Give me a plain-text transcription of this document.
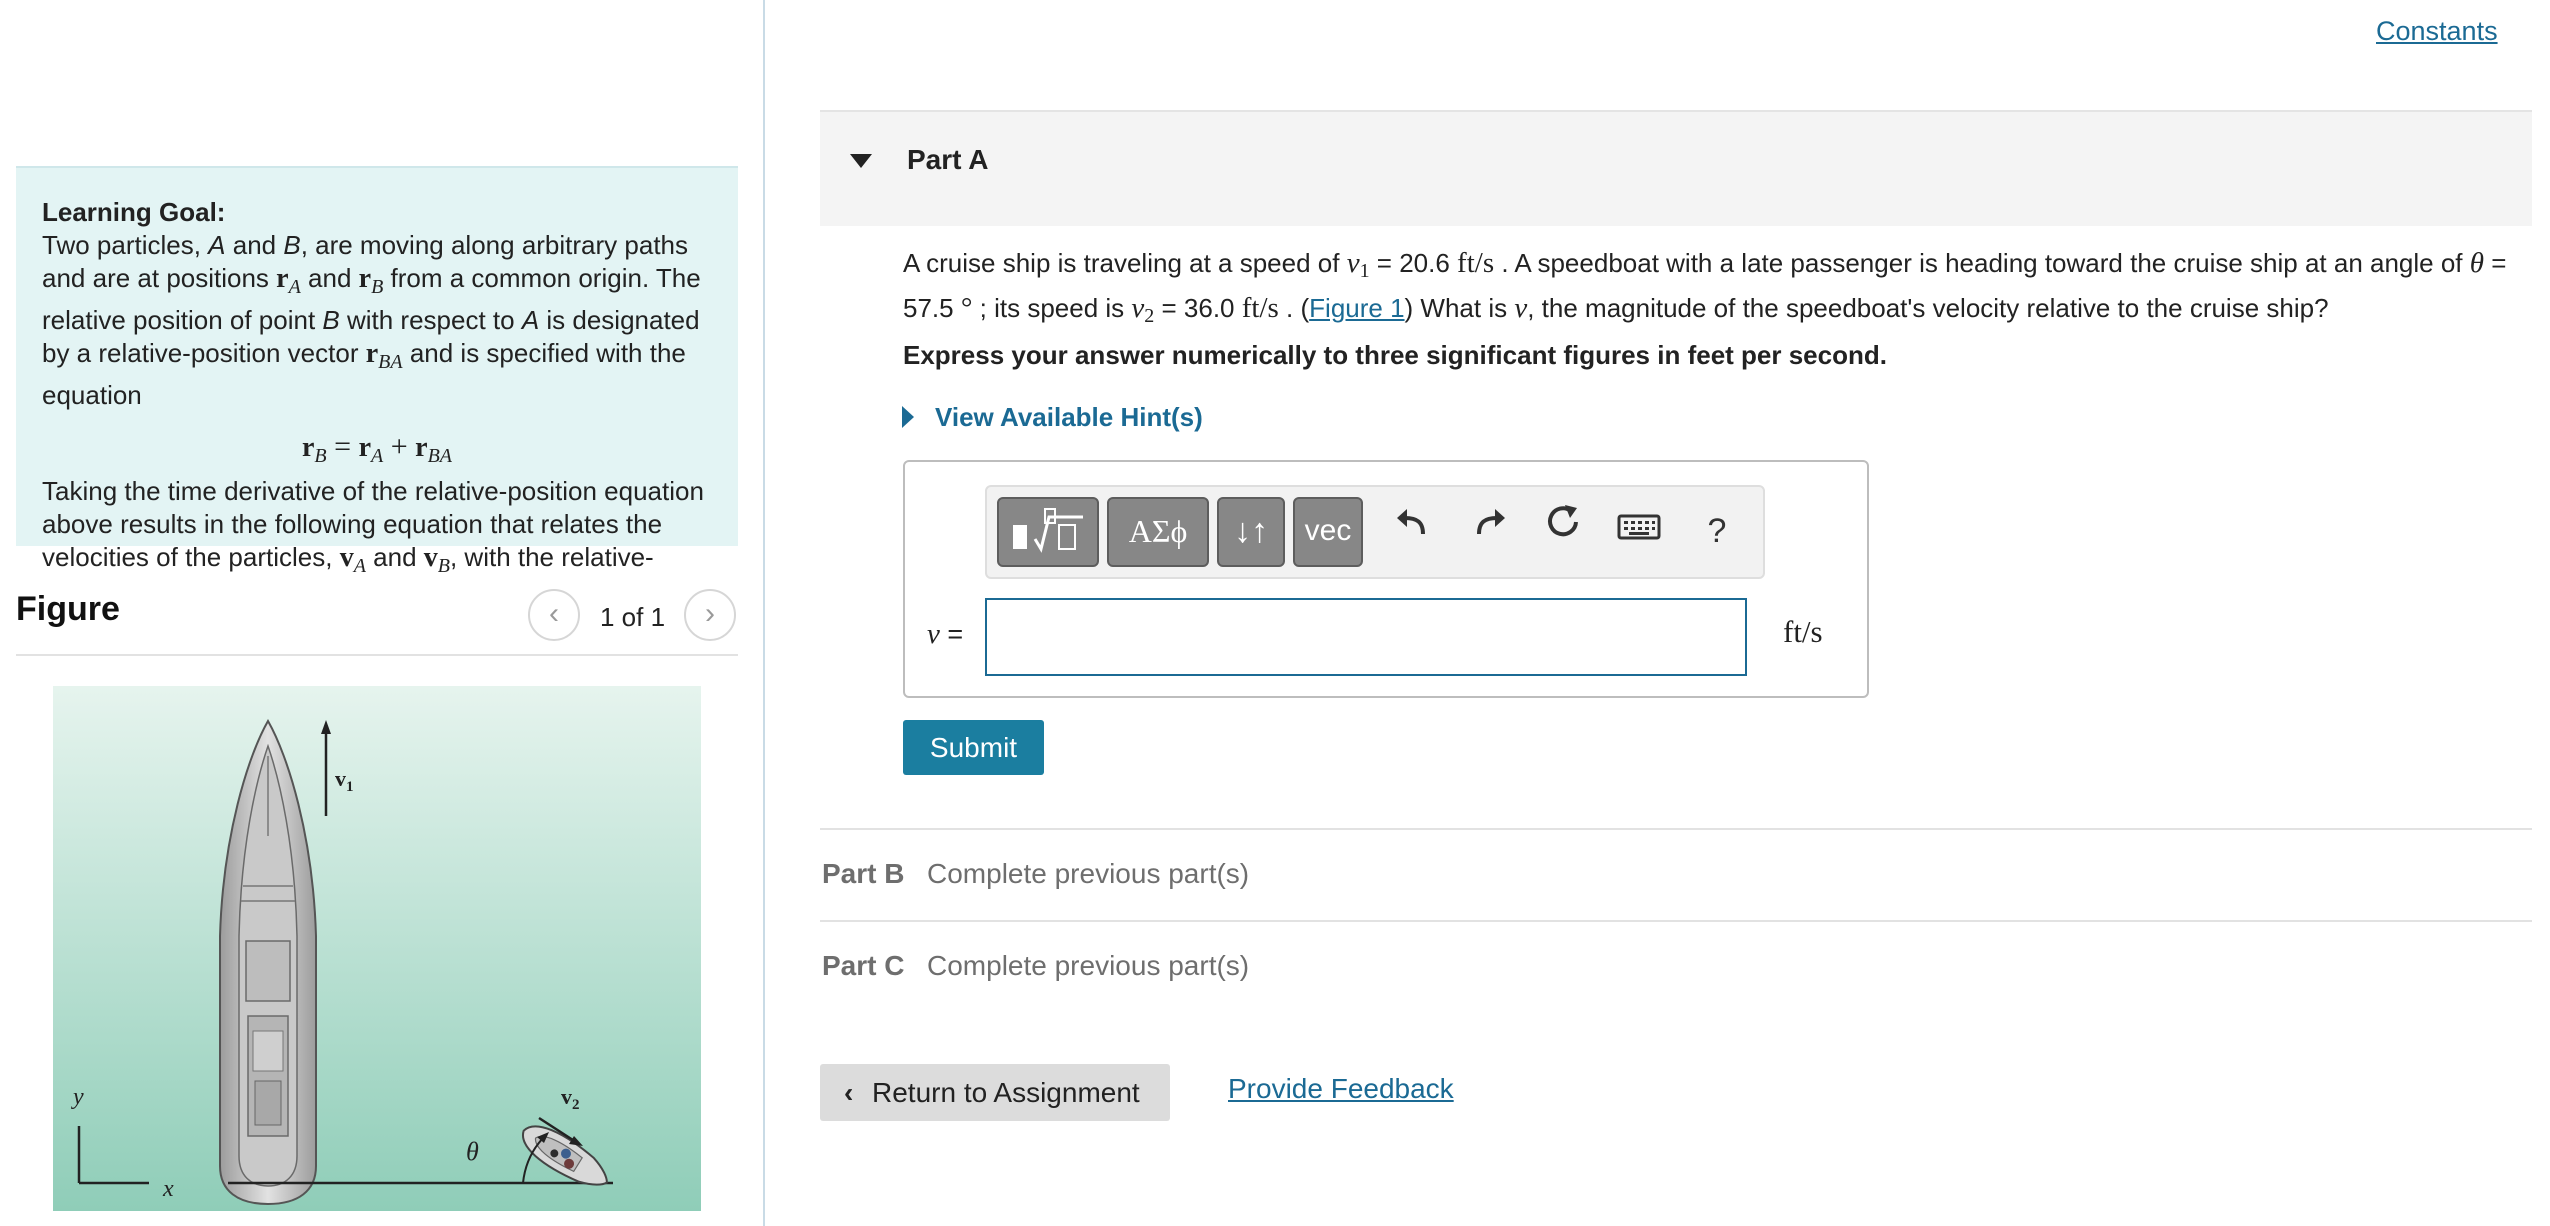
Learning Goal:
Two particles, A and B, are moving along arbitrary paths and are at positions $r_A$ and $r_B$ from a common origin. The relative position of point B with respect to A is designated by a relative-position vector $r_{BA}$ and is specified with the equation
$r_B = r_A + r_{BA}$
Taking the time derivative of the relative-position equation above results in the following equation that relates the velocities of the particles, $v_A$ and $v_B$, with the relative-
Figure	‹	1 of 1	›
$v_1$
y
x
$v_2$
θ
Constants
Part A
A cruise ship is traveling at a speed of v1 = 20.6 ft/s . A speedboat with a late passenger is heading toward the cruise ship at an angle of θ = 57.5 ° ; its speed is v2 = 36.0 ft/s . (Figure 1) What is v, the magnitude of the speedboat's velocity relative to the cruise ship?
Express your answer numerically to three significant figures in feet per second.
View Available Hint(s)
ΑΣϕ	↓↑	vec	?
v =	ft/s
Submit
Part B Complete previous part(s)
Part C Complete previous part(s)
‹ Return to Assignment	Provide Feedback
